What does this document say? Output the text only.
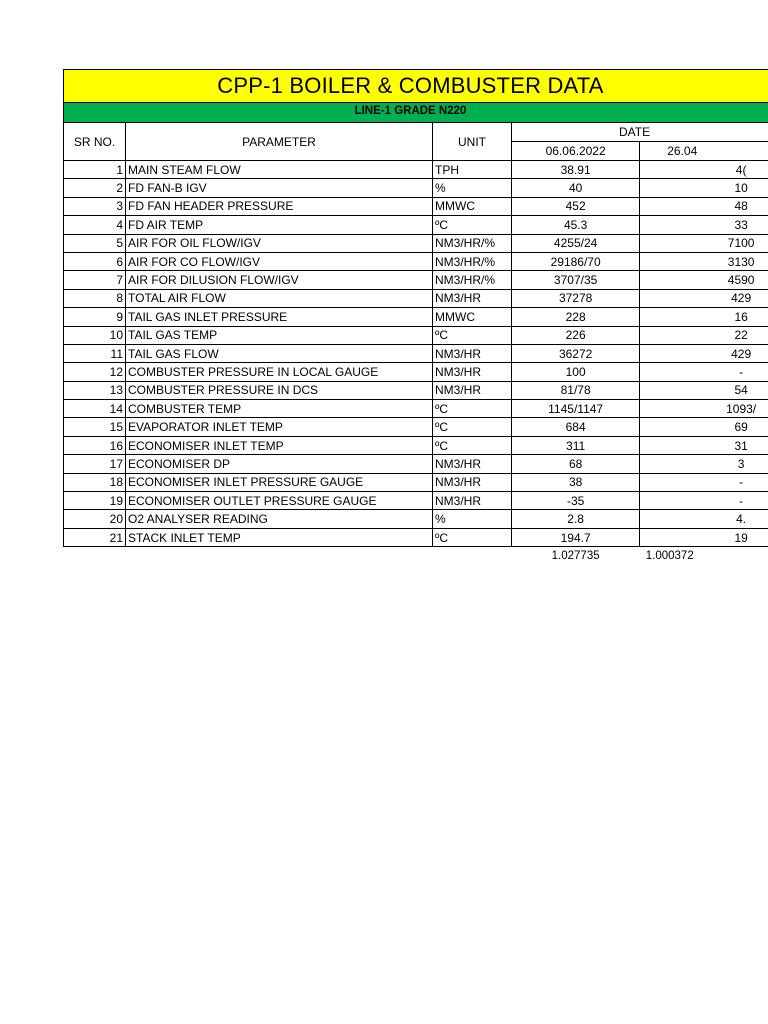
CPP-1 BOILER & COMBUSTER DATA
LINE-1 GRADE N220
SR NO.	PARAMETER	UNIT	DATE	
			06.06.2022	26.04
1	MAIN STEAM FLOW	TPH	38.91	4(
2	FD FAN-B IGV	%	40	10
3	FD FAN HEADER PRESSURE	MMWC	452	48
4	FD AIR TEMP	ºC	45.3	33
5	AIR FOR OIL FLOW/IGV	NM3/HR/%	4255/24	7100
6	AIR FOR CO FLOW/IGV	NM3/HR/%	29186/70	3130
7	AIR FOR DILUSION FLOW/IGV	NM3/HR/%	3707/35	4590
8	TOTAL AIR FLOW	NM3/HR	37278	429
9	TAIL GAS INLET PRESSURE	MMWC	228	16
10	TAIL GAS TEMP	ºC	226	22
11	TAIL GAS FLOW	NM3/HR	36272	429
12	COMBUSTER PRESSURE IN LOCAL GAUGE	NM3/HR	100	-
13	COMBUSTER PRESSURE IN DCS	NM3/HR	81/78	54
14	COMBUSTER TEMP	ºC	1145/1147	1093/
15	EVAPORATOR INLET TEMP	ºC	684	69
16	ECONOMISER INLET TEMP	ºC	311	31
17	ECONOMISER DP	NM3/HR	68	3
18	ECONOMISER INLET PRESSURE GAUGE	NM3/HR	38	-
19	ECONOMISER OUTLET PRESSURE GAUGE	NM3/HR	-35	-
20	O2 ANALYSER READING	%	2.8	4.
21	STACK INLET TEMP	ºC	194.7	19
			1.027735	1.000372
